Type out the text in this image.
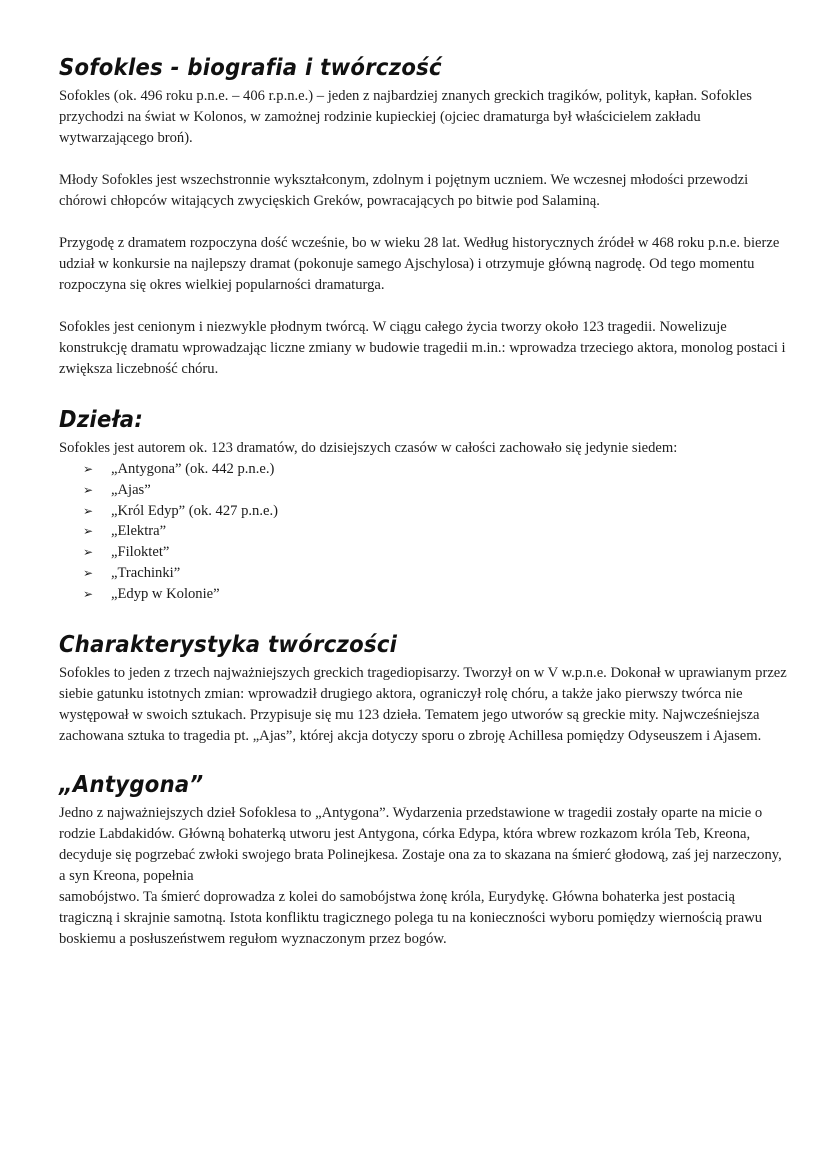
Sofokles - biografia i twórczość

Sofokles (ok. 496 roku p.n.e. – 406 r.p.n.e.) – jeden z najbardziej znanych greckich tragików, polityk, kapłan. Sofokles przychodzi na świat w Kolonos, w zamożnej rodzinie kupieckiej (ojciec dramaturga był właścicielem zakładu wytwarzającego broń).

Młody Sofokles jest wszechstronnie wykształconym, zdolnym i pojętnym uczniem. We wczesnej młodości przewodzi chórowi chłopców witających zwycięskich Greków, powracających po bitwie pod Salaminą.

Przygodę z dramatem rozpoczyna dość wcześnie, bo w wieku 28 lat. Według historycznych źródeł w 468 roku p.n.e. bierze udział w konkursie na najlepszy dramat (pokonuje samego Ajschylosa) i otrzymuje główną nagrodę. Od tego momentu rozpoczyna się okres wielkiej popularności dramaturga.

Sofokles jest cenionym i niezwykle płodnym twórcą. W ciągu całego życia tworzy około 123 tragedii. Nowelizuje konstrukcję dramatu wprowadzając liczne zmiany w budowie tragedii m.in.: wprowadza trzeciego aktora, monolog postaci i zwiększa liczebność chóru.

Dzieła:

Sofokles jest autorem ok. 123 dramatów, do dzisiejszych czasów w całości zachowało się jedynie siedem:

➢	„Antygona” (ok. 442 p.n.e.)
➢	„Ajas”
➢	„Król Edyp” (ok. 427 p.n.e.)
➢	„Elektra”
➢	„Filoktet”
➢	„Trachinki”
➢	„Edyp w Kolonie”
Charakterystyka twórczości

Sofokles to jeden z trzech najważniejszych greckich tragediopisarzy. Tworzył on w V w.p.n.e. Dokonał w uprawianym przez siebie gatunku istotnych zmian: wprowadził drugiego aktora, ograniczył rolę chóru, a także jako pierwszy twórca nie występował w swoich sztukach. Przypisuje się mu 123 dzieła. Tematem jego utworów są greckie mity. Najwcześniejsza zachowana sztuka to tragedia pt. „Ajas”, której akcja dotyczy sporu o zbroję Achillesa pomiędzy Odyseuszem i Ajasem.

„Antygona”

Jedno z najważniejszych dzieł Sofoklesa to „Antygona”. Wydarzenia przedstawione w tragedii zostały oparte na micie o rodzie Labdakidów. Główną bohaterką utworu jest Antygona, córka Edypa, która wbrew rozkazom króla Teb, Kreona, decyduje się pogrzebać zwłoki swojego brata Polinejkesa. Zostaje ona za to skazana na śmierć głodową, zaś jej narzeczony, a syn Kreona, popełnia

samobójstwo. Ta śmierć doprowadza z kolei do samobójstwa żonę króla, Eurydykę. Główna bohaterka jest postacią tragiczną i skrajnie samotną. Istota konfliktu tragicznego polega tu na konieczności wyboru pomiędzy wiernością prawu boskiemu a posłuszeństwem regułom wyznaczonym przez bogów.
